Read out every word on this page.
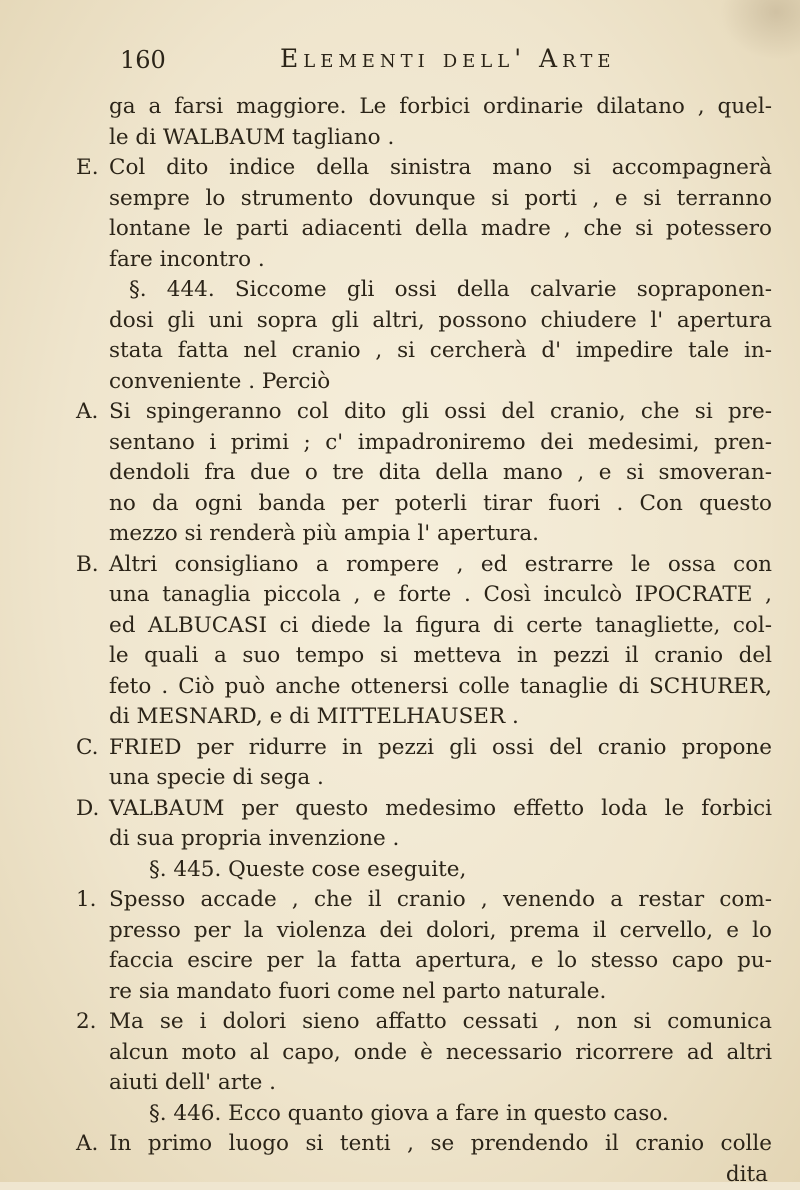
160	Elementi dell' Arte
ga a farsi maggiore. Le forbici ordinarie dilatano , quel-
le di WALBAUM tagliano .
E. Col dito indice della sinistra mano si accompagnerà
sempre lo strumento dovunque si porti , e si terranno
lontane le parti adiacenti della madre , che si potessero
fare incontro .
§. 444. Siccome gli ossi della calvarie sopraponen-
dosi gli uni sopra gli altri, possono chiudere l' apertura
stata fatta nel cranio , si cercherà d' impedire tale in-
conveniente . Perciò
A. Si spingeranno col dito gli ossi del cranio, che si pre-
sentano i primi ; c' impadroniremo dei medesimi, pren-
dendoli fra due o tre dita della mano , e si smoveran-
no da ogni banda per poterli tirar fuori . Con questo
mezzo si renderà più ampia l' apertura.
B. Altri consigliano a rompere , ed estrarre le ossa con
una tanaglia piccola , e forte . Così inculcò IPOCRATE ,
ed ALBUCASI ci diede la figura di certe tanagliette, col-
le quali a suo tempo si metteva in pezzi il cranio del
feto . Ciò può anche ottenersi colle tanaglie di SCHURER,
di MESNARD, e di MITTELHAUSER .
C. FRIED per ridurre in pezzi gli ossi del cranio propone
una specie di sega .
D. VALBAUM per questo medesimo effetto loda le forbici
di sua propria invenzione .
§. 445. Queste cose eseguite,
1. Spesso accade , che il cranio , venendo a restar com-
presso per la violenza dei dolori, prema il cervello, e lo
faccia escire per la fatta apertura, e lo stesso capo pu-
re sia mandato fuori come nel parto naturale.
2. Ma se i dolori sieno affatto cessati , non si comunica
alcun moto al capo, onde è necessario ricorrere ad altri
aiuti dell' arte .
§. 446. Ecco quanto giova a fare in questo caso.
A. In primo luogo si tenti , se prendendo il cranio colle
dita
